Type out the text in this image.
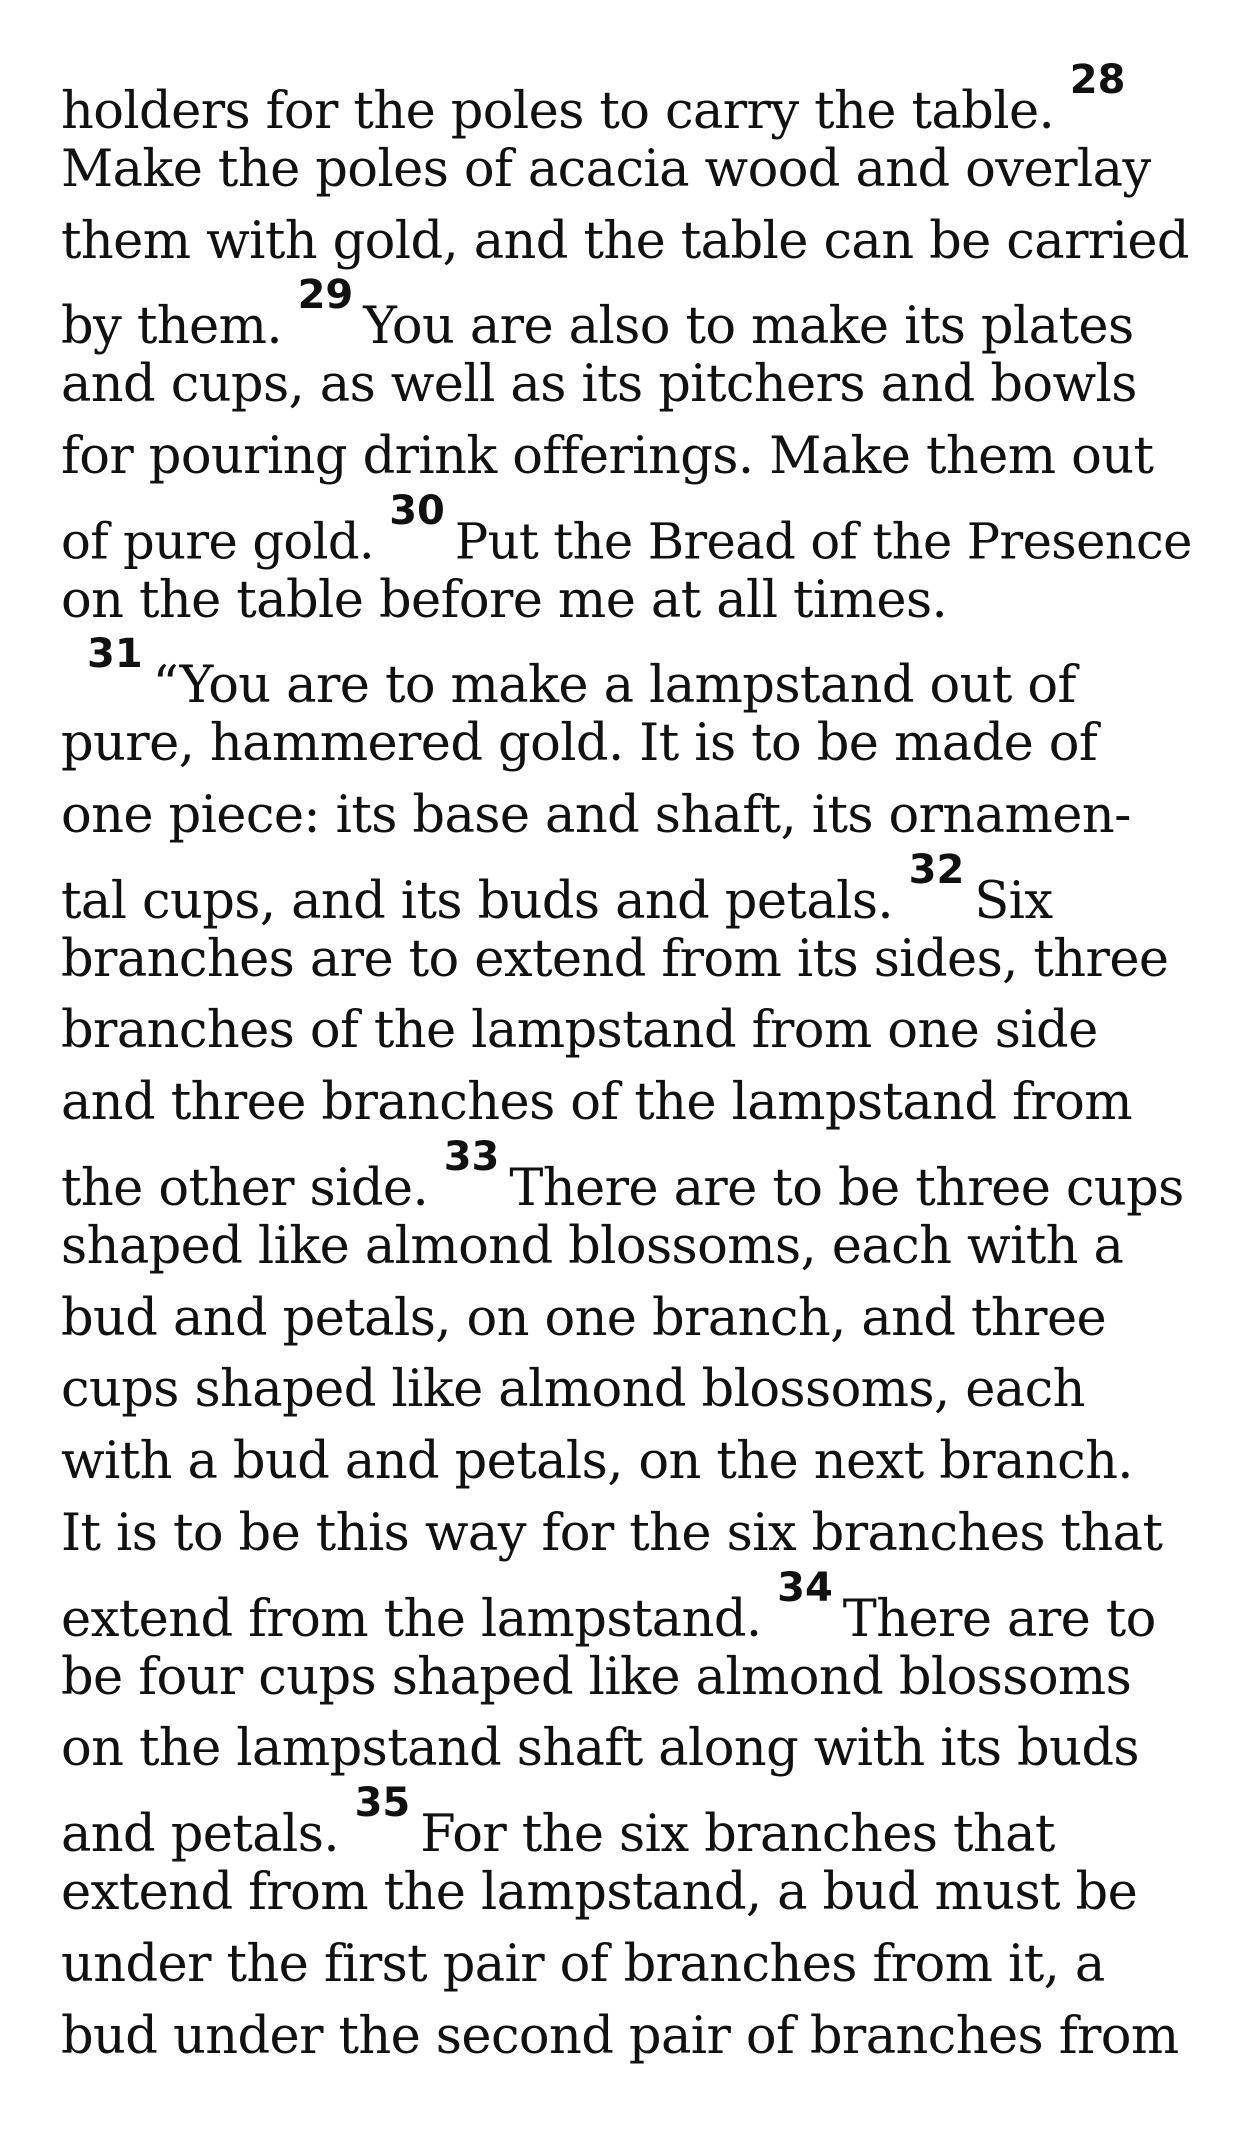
holders for the poles to carry the table. $^{28}$
Make the poles of acacia wood and overlay
them with gold, and the table can be carried
by them. $^{29}$You are also to make its plates
and cups, as well as its pitchers and bowls
for pouring drink offerings. Make them out
of pure gold. $^{30}$Put the Bread of the Presence
on the table before me at all times.
$^{31}$“You are to make a lampstand out of
pure, hammered gold. It is to be made of
one piece: its base and shaft, its ornamen-
tal cups, and its buds and petals. $^{32}$Six
branches are to extend from its sides, three
branches of the lampstand from one side
and three branches of the lampstand from
the other side. $^{33}$There are to be three cups
shaped like almond blossoms, each with a
bud and petals, on one branch, and three
cups shaped like almond blossoms, each
with a bud and petals, on the next branch.
It is to be this way for the six branches that
extend from the lampstand. $^{34}$There are to
be four cups shaped like almond blossoms
on the lampstand shaft along with its buds
and petals. $^{35}$For the six branches that
extend from the lampstand, a bud must be
under the first pair of branches from it, a
bud under the second pair of branches from
